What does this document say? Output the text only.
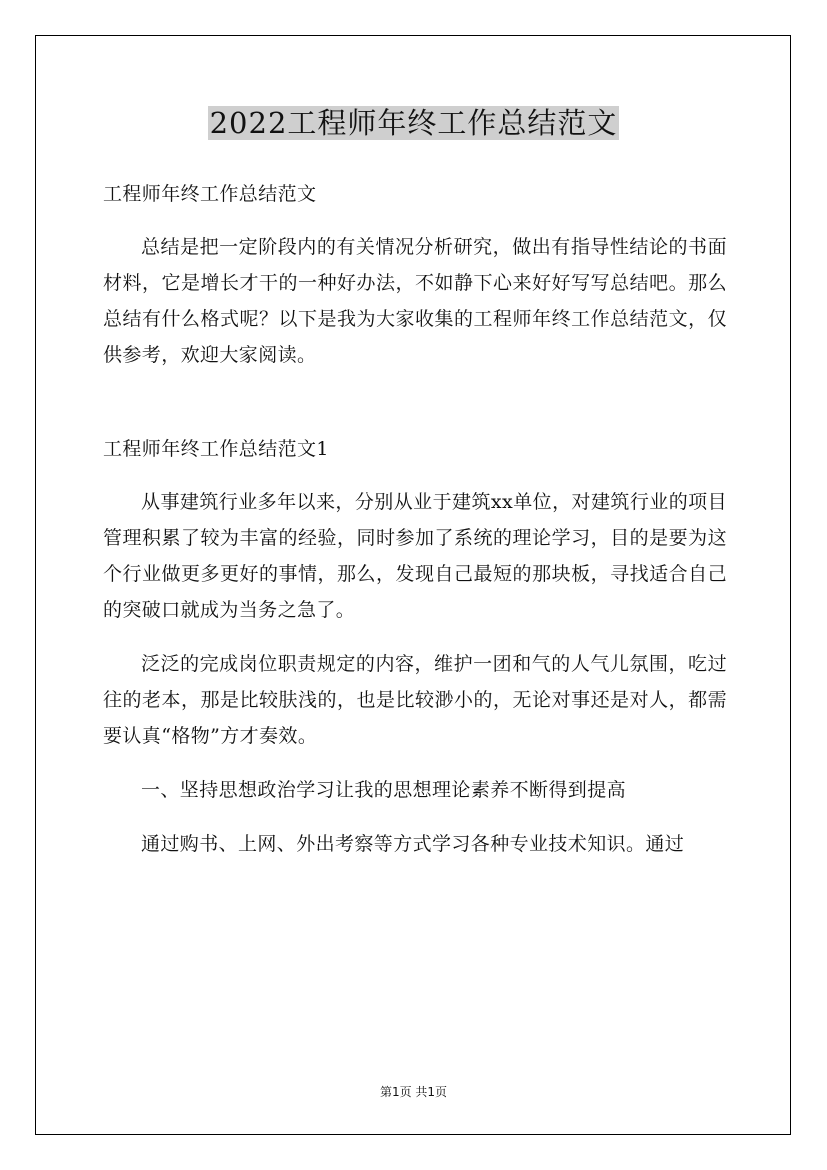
2022工程师年终工作总结范文

工程师年终工作总结范文

总结是把一定阶段内的有关情况分析研究，做出有指导性结论的书面材料，它是增长才干的一种好办法，不如静下心来好好写写总结吧。那么总结有什么格式呢？以下是我为大家收集的工程师年终工作总结范文，仅供参考，欢迎大家阅读。

工程师年终工作总结范文1

从事建筑行业多年以来，分别从业于建筑xx单位，对建筑行业的项目管理积累了较为丰富的经验，同时参加了系统的理论学习，目的是要为这个行业做更多更好的事情，那么，发现自己最短的那块板，寻找适合自己的突破口就成为当务之急了。

泛泛的完成岗位职责规定的内容，维护一团和气的人气儿氛围，吃过往的老本，那是比较肤浅的，也是比较渺小的，无论对事还是对人，都需要认真“格物”方才奏效。

一、坚持思想政治学习让我的思想理论素养不断得到提高

通过购书、上网、外出考察等方式学习各种专业技术知识。通过

第1页 共1页
